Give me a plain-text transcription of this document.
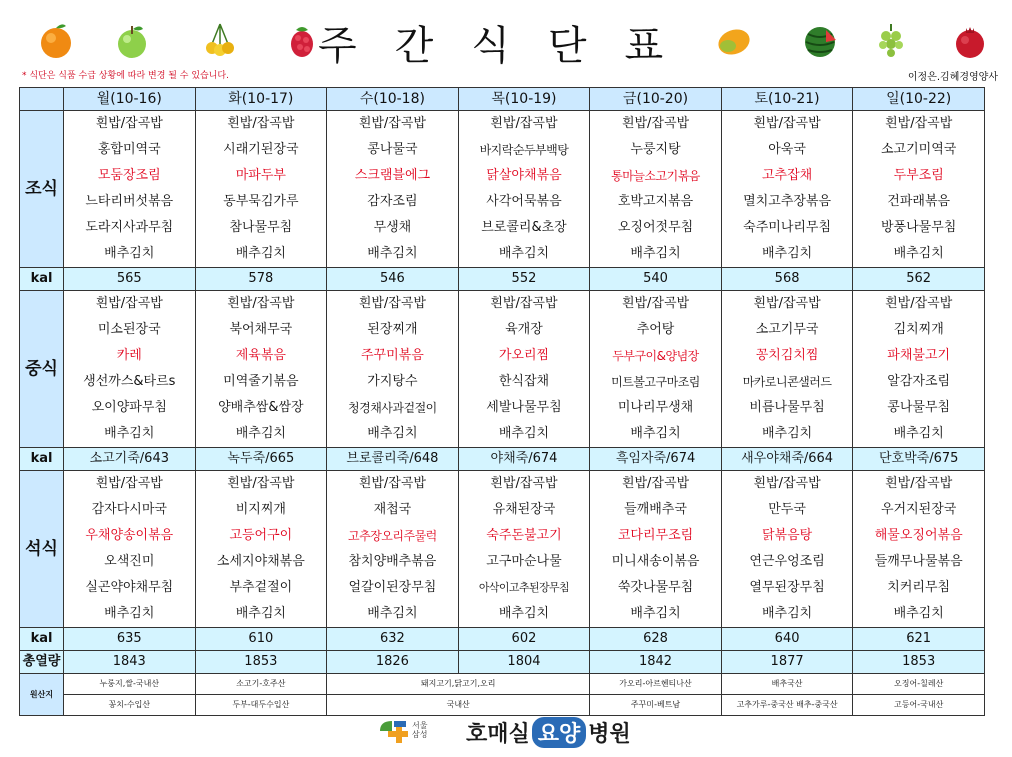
주간식단표
* 식단은 식품 수급 상황에 따라 변경 될 수 있습니다.	이정은.김혜경영양사
	월(10-16)	화(10-17)	수(10-18)	목(10-19)	금(10-20)	토(10-21)	일(10-22)
조식	흰밥/잡곡밥	흰밥/잡곡밥	흰밥/잡곡밥	흰밥/잡곡밥	흰밥/잡곡밥	흰밥/잡곡밥	흰밥/잡곡밥
	홍합미역국	시래기된장국	콩나물국	바지락순두부백탕	누룽지탕	아욱국	소고기미역국
	모둠장조림	마파두부	스크램블에그	닭살야채볶음	통마늘소고기볶음	고추잡채	두부조림
	느타리버섯볶음	동부묵김가루	감자조림	사각어묵볶음	호박고지볶음	멸치고추장볶음	건파래볶음
	도라지사과무침	참나물무침	무생채	브로콜리&초장	오징어젓무침	숙주미나리무침	방풍나물무침
	배추김치	배추김치	배추김치	배추김치	배추김치	배추김치	배추김치
kal	565	578	546	552	540	568	562
중식	흰밥/잡곡밥	흰밥/잡곡밥	흰밥/잡곡밥	흰밥/잡곡밥	흰밥/잡곡밥	흰밥/잡곡밥	흰밥/잡곡밥
	미소된장국	북어채무국	된장찌개	육개장	추어탕	소고기무국	김치찌개
	카레	제육볶음	주꾸미볶음	가오리찜	두부구이&양념장	꽁치김치찜	파채불고기
	생선까스&타르s	미역줄기볶음	가지탕수	한식잡채	미트볼고구마조림	마카로니콘샐러드	알감자조림
	오이양파무침	양배추쌈&쌈장	청경채사과겉절이	세발나물무침	미나리무생채	비름나물무침	콩나물무침
	배추김치	배추김치	배추김치	배추김치	배추김치	배추김치	배추김치
kal	소고기죽/643	녹두죽/665	브로콜리죽/648	야채죽/674	흑임자죽/674	새우야채죽/664	단호박죽/675
석식	흰밥/잡곡밥	흰밥/잡곡밥	흰밥/잡곡밥	흰밥/잡곡밥	흰밥/잡곡밥	흰밥/잡곡밥	흰밥/잡곡밥
	감자다시마국	비지찌개	재첩국	유채된장국	들깨배추국	만두국	우거지된장국
	우채양송이볶음	고등어구이	고추장오리주물럭	숙주돈불고기	코다리무조림	닭볶음탕	해물오징어볶음
	오색진미	소세지야채볶음	참치양배추볶음	고구마순나물	미니새송이볶음	연근우엉조림	들깨무나물볶음
	실곤약야채무침	부추겉절이	얼갈이된장무침	아삭이고추된장무침	쑥갓나물무침	열무된장무침	치커리무침
	배추김치	배추김치	배추김치	배추김치	배추김치	배추김치	배추김치
kal	635	610	632	602	628	640	621
총열량	1843	1853	1826	1804	1842	1877	1853
원산지	누룽지,쌀-국내산	소고기-호주산	돼지고기,닭고기,오리		가오리-아르헨티나산	배추국산	오징어-칠레산
	꽁치-수입산	두부-대두수입산	국내산		주꾸미-베트남	고추가루-중국산 배추-중국산	고등어-국내산
서울
삼성 호매실 요양 병원
